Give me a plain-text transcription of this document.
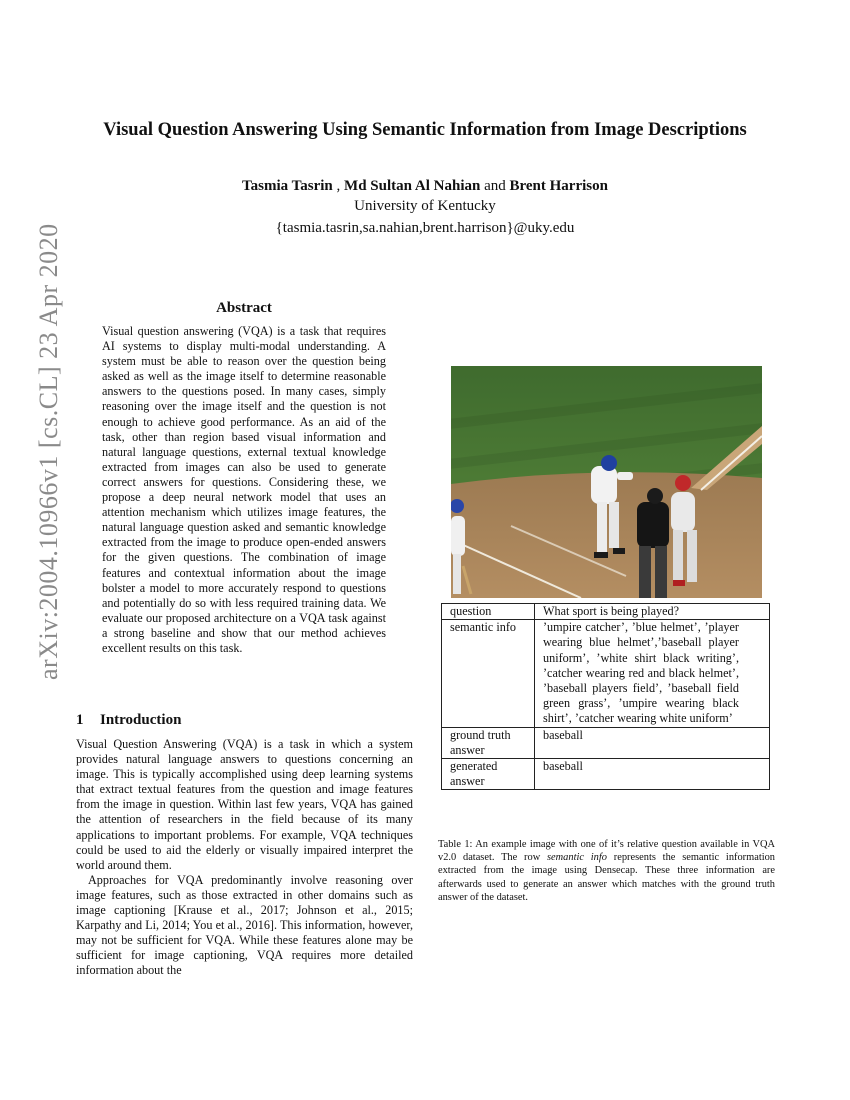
Visual Question Answering Using Semantic Information from Image Descriptions
Tasmia Tasrin , Md Sultan Al Nahian and Brent Harrison
University of Kentucky
{tasmia.tasrin,sa.nahian,brent.harrison}@uky.edu
arXiv:2004.10966v1 [cs.CL] 23 Apr 2020	Abstract
Visual question answering (VQA) is a task that requires AI systems to display multi-modal understanding. A system must be able to reason over the question being asked as well as the image itself to determine reasonable answers to the questions posed. In many cases, simply reasoning over the image itself and the question is not enough to achieve good performance. As an aid of the task, other than region based visual information and natural language questions, external textual knowledge extracted from images can also be used to generate correct answers for questions. Considering these, we propose a deep neural network model that uses an attention mechanism which utilizes image features, the natural language question asked and semantic knowledge extracted from the image to produce open-ended answers for the given questions. The combination of image features and contextual information about the image bolster a model to more accurately respond to questions and potentially do so with less required training data. We evaluate our proposed architecture on a VQA task against a strong baseline and show that our method achieves excellent results on this task.
1 Introduction

Visual Question Answering (VQA) is a task in which a system provides natural language answers to questions concerning an image. This is typically accomplished using deep learning systems that extract textual features from the question and image features from the image in question. Within last few years, VQA has gained the attention of researchers in the field because of its many applications to important problems. For example, VQA techniques could be used to aid the elderly or visually impaired interpret the world around them.

Approaches for VQA predominantly involve reasoning over image features, such as those extracted in other domains such as image captioning [Krause et al., 2017; Johnson et al., 2015; Karpathy and Li, 2014; You et al., 2016]. This information, however, may not be sufficient for VQA. While these features alone may be sufficient for image captioning, VQA requires more detailed information about the

question	What sport is being played?
semantic info	’umpire catcher’, ’blue helmet’, ’player wearing blue helmet’,’baseball player uniform’, ’white shirt black writing’, ’catcher wearing red and black helmet’, ’baseball players field’, ’baseball field green grass’, ’umpire wearing black shirt’, ’catcher wearing white uniform’
ground truth answer	baseball
generated answer	baseball
Table 1: An example image with one of it’s relative question available in VQA v2.0 dataset. The row semantic info represents the semantic information extracted from the image using Densecap. These three information are afterwards used to generate an answer which matches with the ground truth answer of the dataset.
